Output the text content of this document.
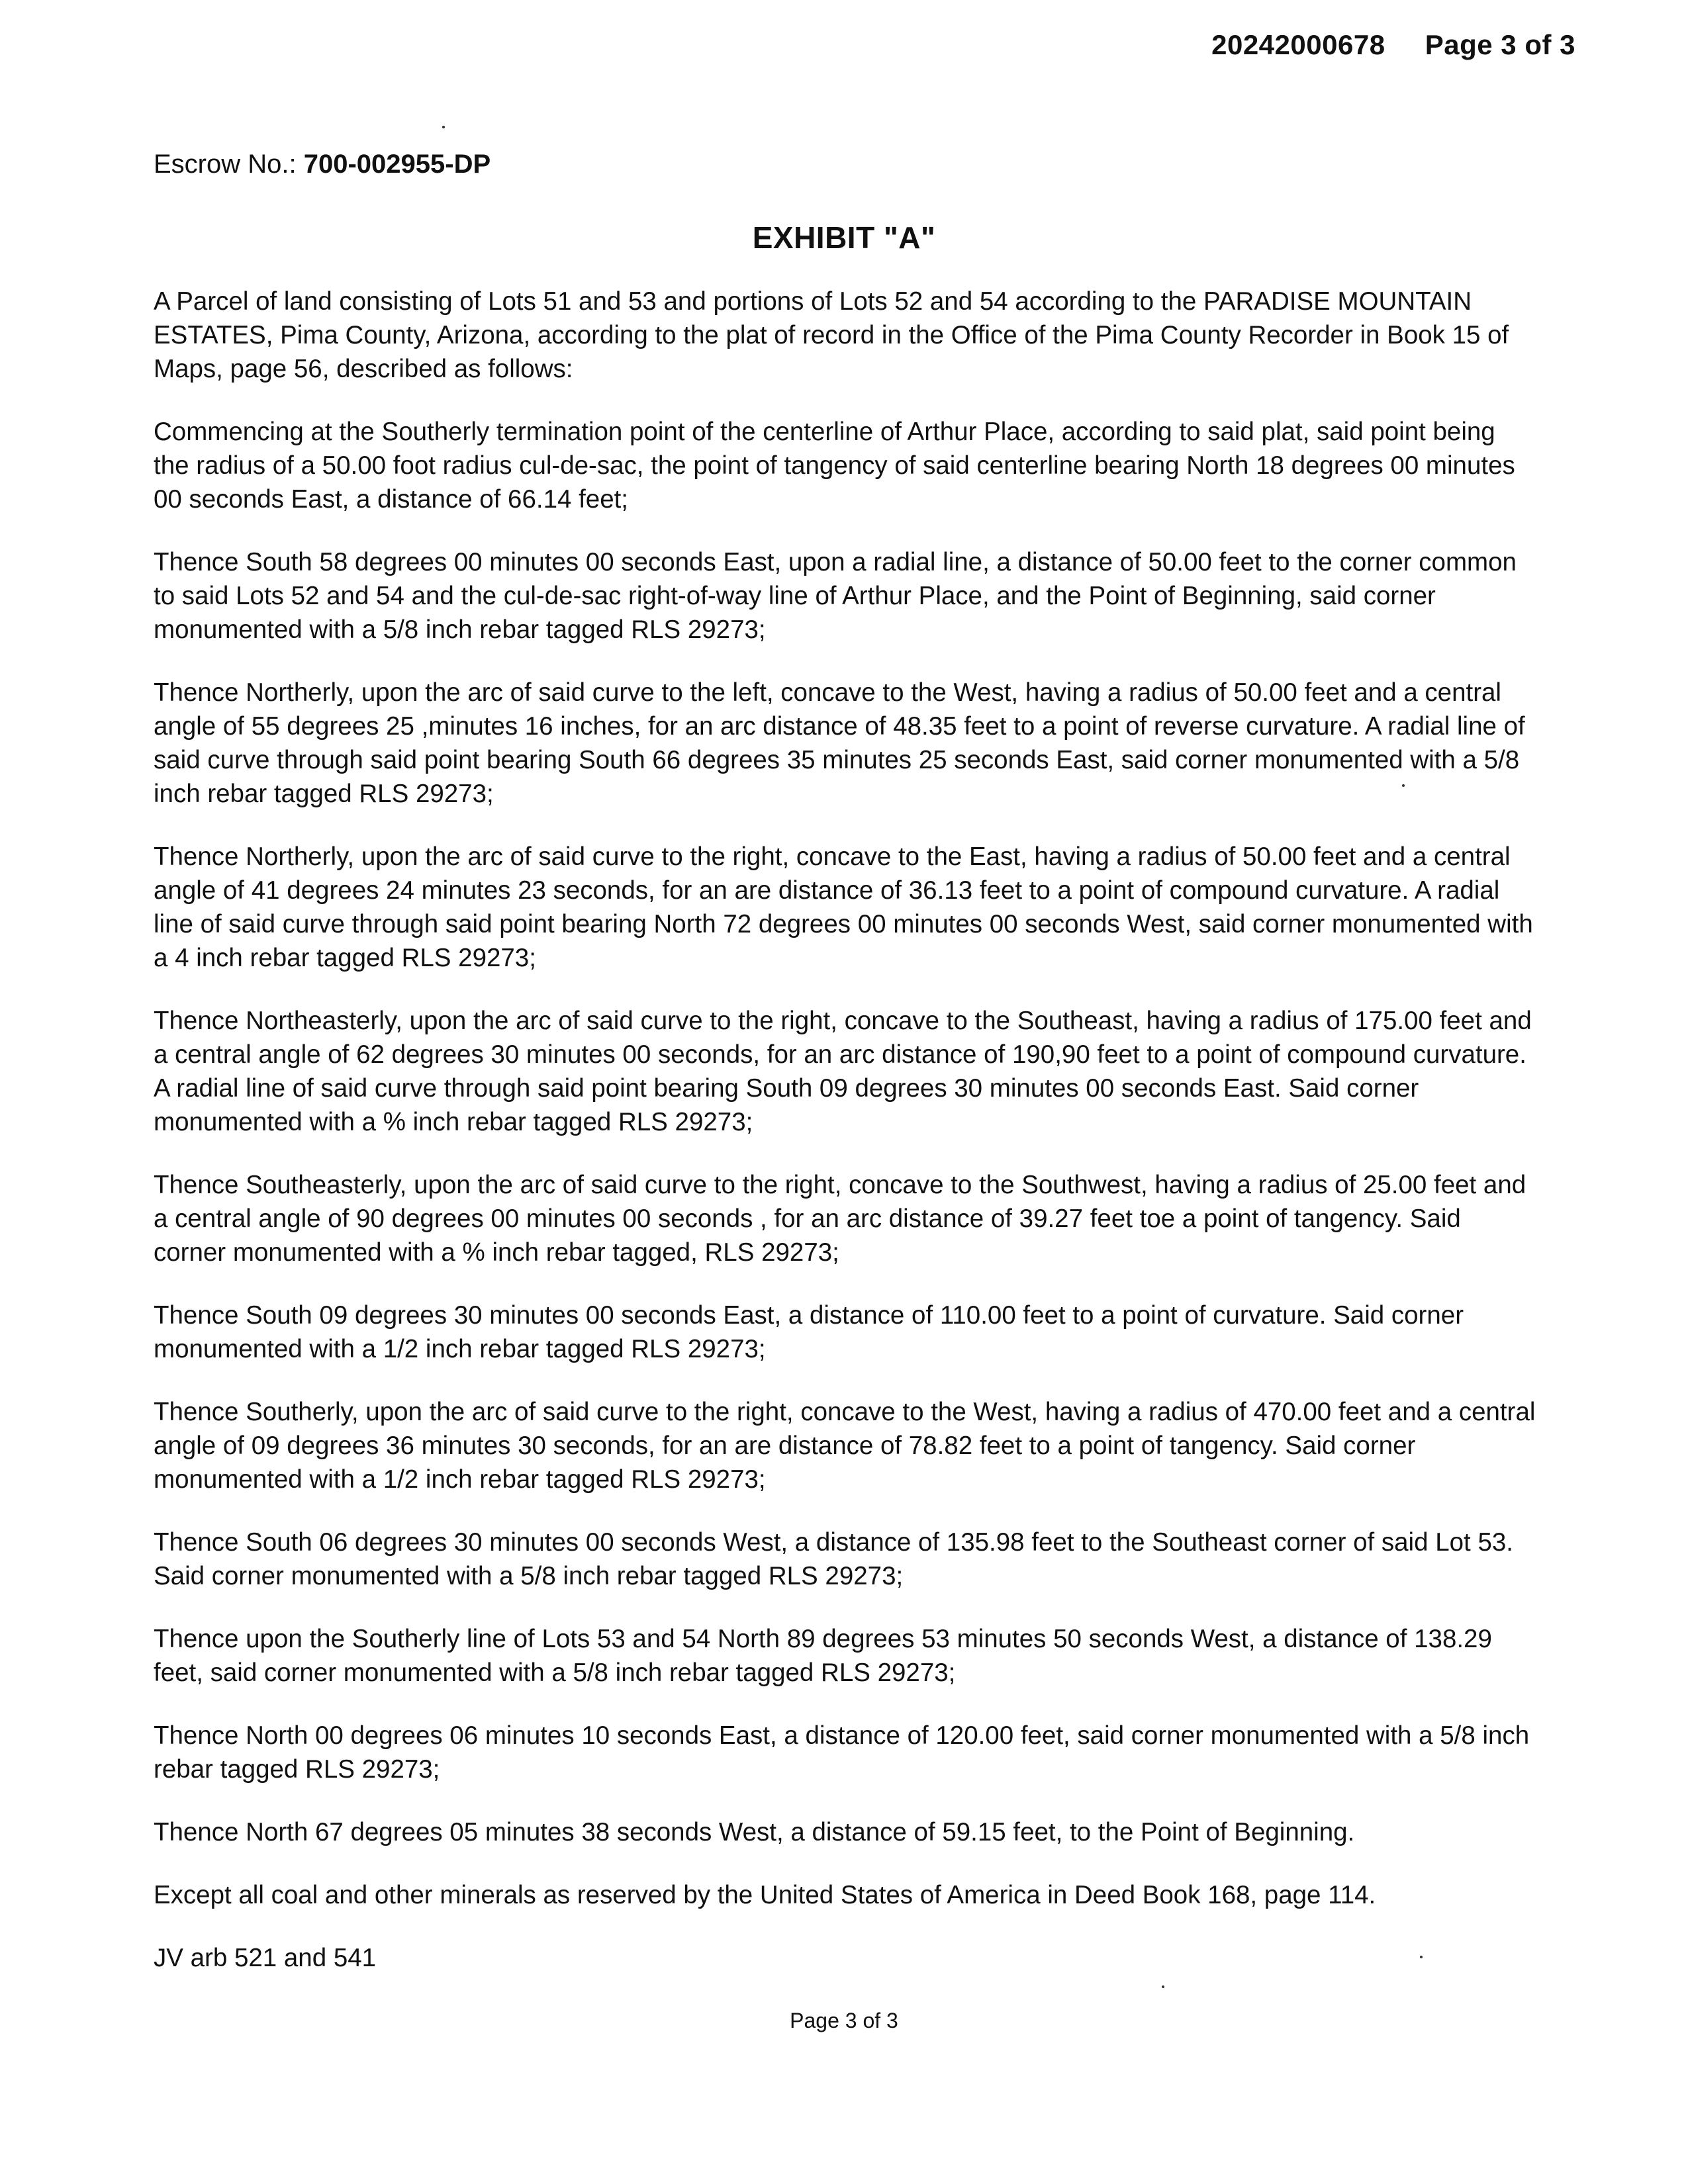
20242000678 Page 3 of 3
Escrow No.: 700-002955-DP
EXHIBIT "A"

A Parcel of land consisting of Lots 51 and 53 and portions of Lots 52 and 54 according to the PARADISE MOUNTAIN ESTATES, Pima County, Arizona, according to the plat of record in the Office of the Pima County Recorder in Book 15 of Maps, page 56, described as follows:

Commencing at the Southerly termination point of the centerline of Arthur Place, according to said plat, said point being the radius of a 50.00 foot radius cul-de-sac, the point of tangency of said centerline bearing North 18 degrees 00 minutes 00 seconds East, a distance of 66.14 feet;

Thence South 58 degrees 00 minutes 00 seconds East, upon a radial line, a distance of 50.00 feet to the corner common to said Lots 52 and 54 and the cul-de-sac right-of-way line of Arthur Place, and the Point of Beginning, said corner monumented with a 5/8 inch rebar tagged RLS 29273;

Thence Northerly, upon the arc of said curve to the left, concave to the West, having a radius of 50.00 feet and a central angle of 55 degrees 25 ,minutes 16 inches, for an arc distance of 48.35 feet to a point of reverse curvature. A radial line of said curve through said point bearing South 66 degrees 35 minutes 25 seconds East, said corner monumented with a 5/8 inch rebar tagged RLS 29273;

Thence Northerly, upon the arc of said curve to the right, concave to the East, having a radius of 50.00 feet and a central angle of 41 degrees 24 minutes 23 seconds, for an are distance of 36.13 feet to a point of compound curvature. A radial line of said curve through said point bearing North 72 degrees 00 minutes 00 seconds West, said corner monumented with a 4 inch rebar tagged RLS 29273;

Thence Northeasterly, upon the arc of said curve to the right, concave to the Southeast, having a radius of 175.00 feet and a central angle of 62 degrees 30 minutes 00 seconds, for an arc distance of 190,90 feet to a point of compound curvature. A radial line of said curve through said point bearing South 09 degrees 30 minutes 00 seconds East. Said corner monumented with a % inch rebar tagged RLS 29273;

Thence Southeasterly, upon the arc of said curve to the right, concave to the Southwest, having a radius of 25.00 feet and a central angle of 90 degrees 00 minutes 00 seconds , for an arc distance of 39.27 feet toe a point of tangency. Said corner monumented with a % inch rebar tagged, RLS 29273;

Thence South 09 degrees 30 minutes 00 seconds East, a distance of 110.00 feet to a point of curvature. Said corner monumented with a 1/2 inch rebar tagged RLS 29273;

Thence Southerly, upon the arc of said curve to the right, concave to the West, having a radius of 470.00 feet and a central angle of 09 degrees 36 minutes 30 seconds, for an are distance of 78.82 feet to a point of tangency. Said corner monumented with a 1/2 inch rebar tagged RLS 29273;

Thence South 06 degrees 30 minutes 00 seconds West, a distance of 135.98 feet to the Southeast corner of said Lot 53. Said corner monumented with a 5/8 inch rebar tagged RLS 29273;

Thence upon the Southerly line of Lots 53 and 54 North 89 degrees 53 minutes 50 seconds West, a distance of 138.29 feet, said corner monumented with a 5/8 inch rebar tagged RLS 29273;

Thence North 00 degrees 06 minutes 10 seconds East, a distance of 120.00 feet, said corner monumented with a 5/8 inch rebar tagged RLS 29273;

Thence North 67 degrees 05 minutes 38 seconds West, a distance of 59.15 feet, to the Point of Beginning.

Except all coal and other minerals as reserved by the United States of America in Deed Book 168, page 114.

JV arb 521 and 541

Page 3 of 3
